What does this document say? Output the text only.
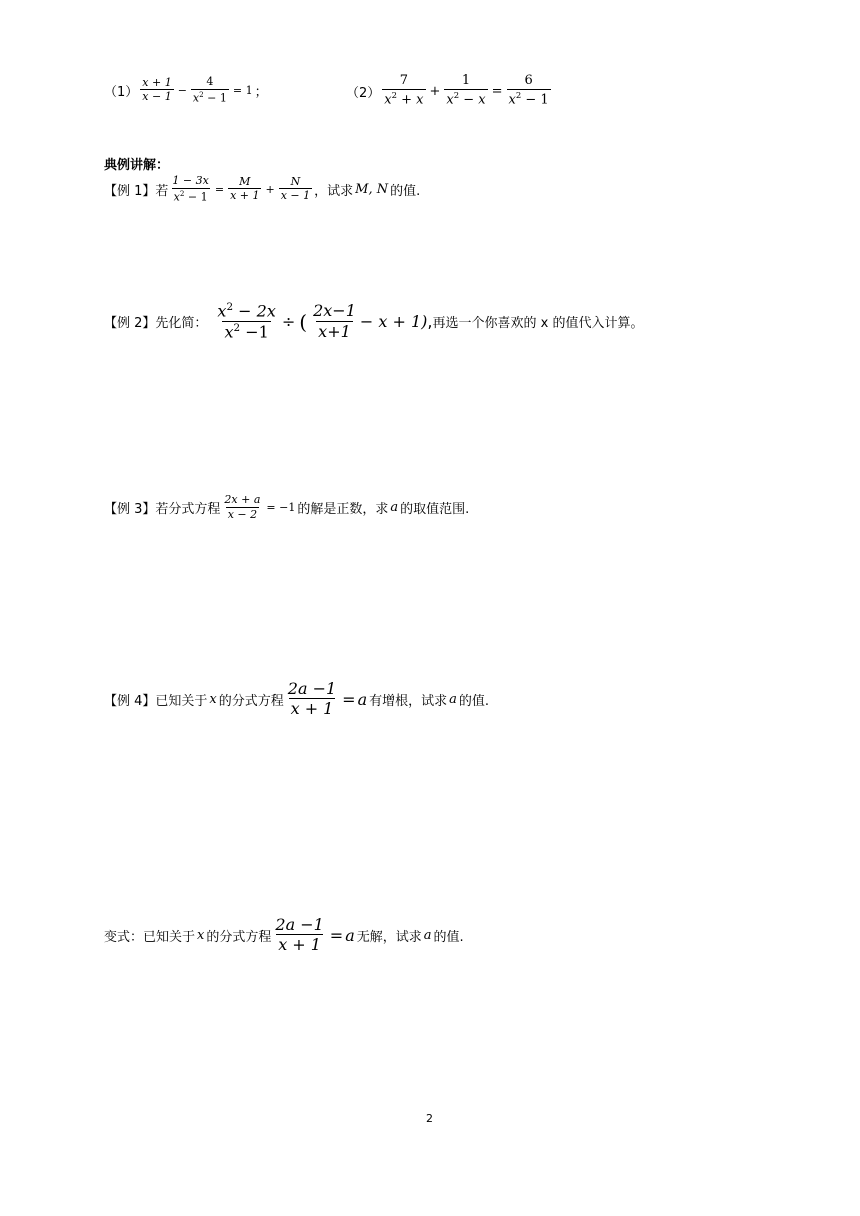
$(1) \frac{x + 1}{x - 1} - \frac{4}{x^2 - 1} = 1$ ；	$(2) \frac{7}{x^2 + x} + \frac{1}{x^2 - x} = \frac{6}{x^2 - 1}$
典例讲解：
【例 1】 若 $\frac{1 - 3x}{x^2 - 1} = \frac{M}{x + 1} + \frac{N}{x - 1}$ ，试求 M, N 的值.
【例 2】 先化简： $\frac{x^2 - 2x}{x^2 -1}$ ÷ ( $\frac{2x-1}{x+1} - x + 1$) , 再选一个你喜欢的 x 的值代入计算。
【例 3】 若分式方程 $\frac{2x + a}{x - 2} = -1$ 的解是正数，求 a 的取值范围.
【例 4】 已知关于 x 的分式方程 $\frac{2a -1}{x + 1} = a$ 有增根，试求 a 的值.
变式： 已知关于 x 的分式方程 $\frac{2a -1}{x + 1} = a$ 无解，试求 a 的值.
2
